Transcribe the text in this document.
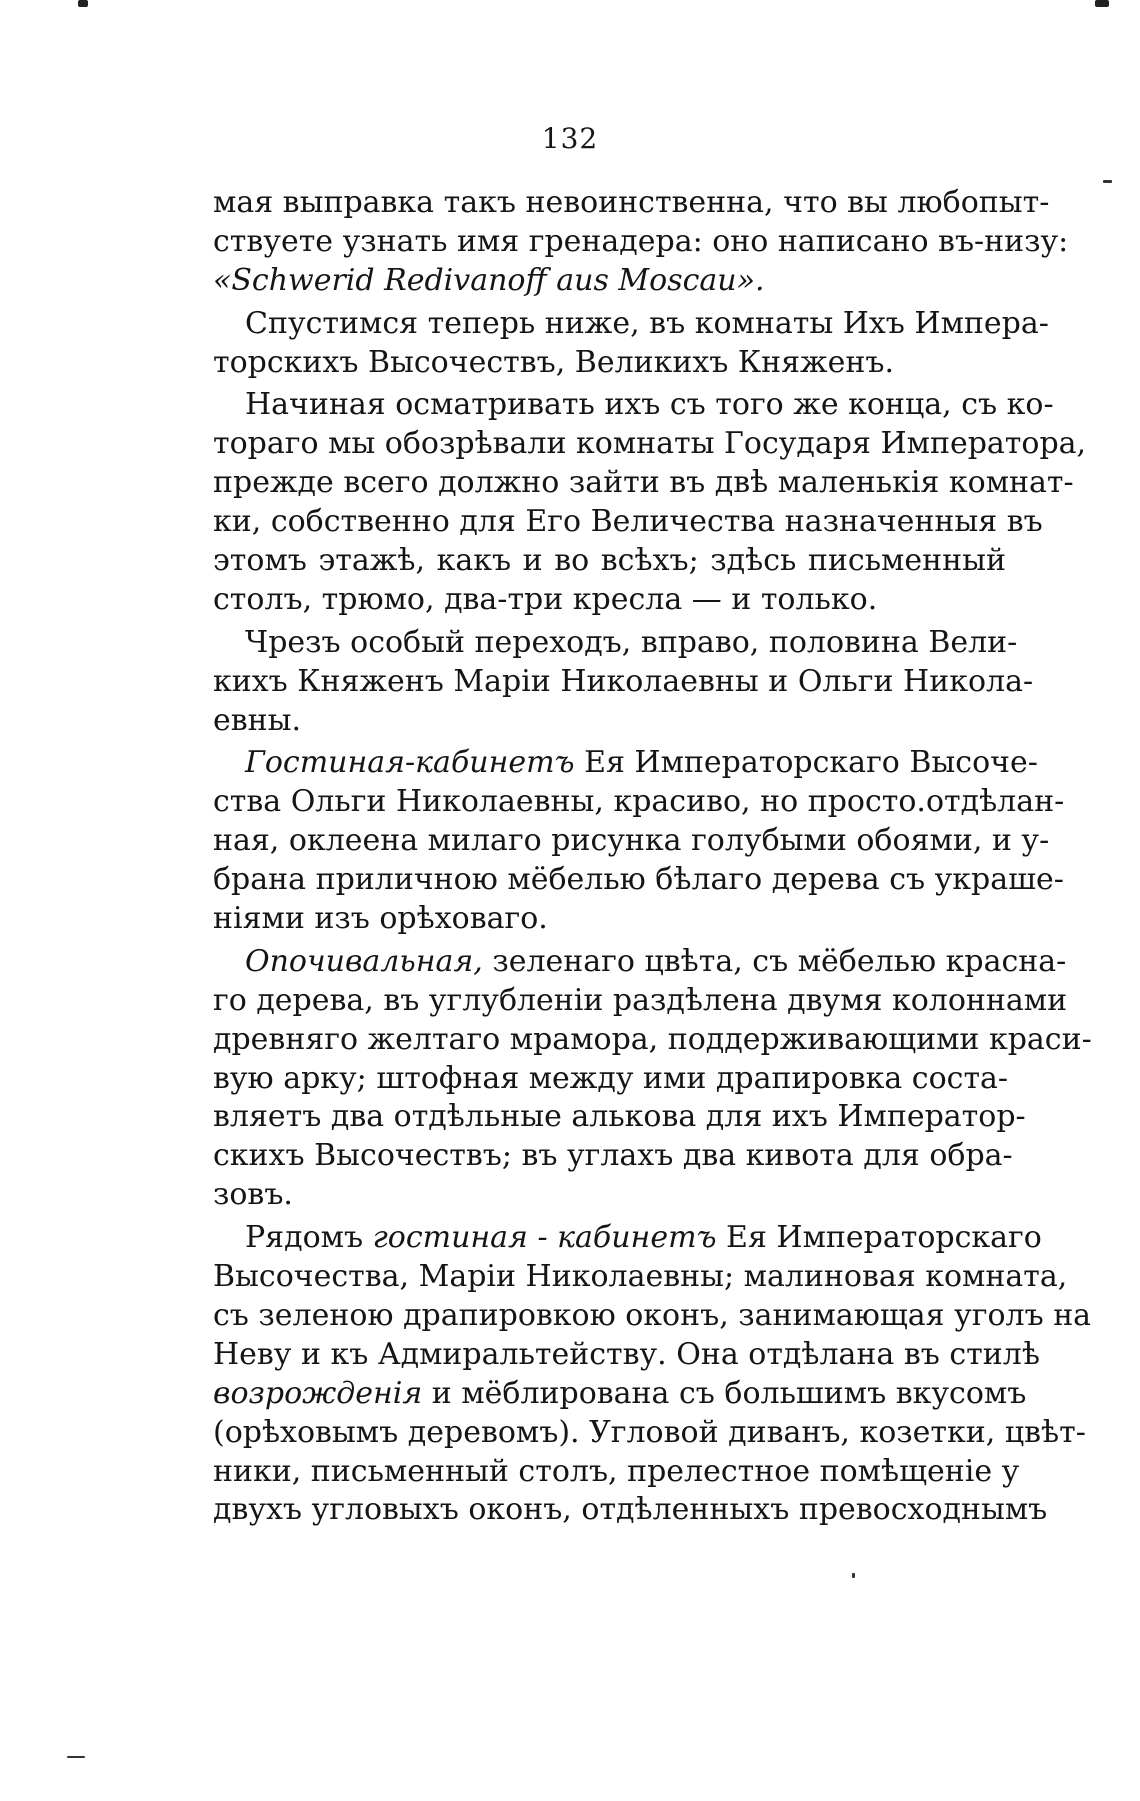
132
мая выправка такъ невоинственна, что вы любопыт-
ствуете узнать имя гренадера: оно написано въ-низу:
«Schwerid Redivanoff aus Moscau».
Спустимся теперь ниже, въ комнаты Ихъ Импера-
торскихъ Высочествъ, Великихъ Княженъ.
Начиная осматривать ихъ съ того же конца, съ ко-
тораго мы обозрѣвали комнаты Государя Императора,
прежде всего должно зайти въ двѣ маленькія комнат-
ки, собственно для Его Величества назначенныя въ
этомъ этажѣ, какъ и во всѣхъ; здѣсь письменный
столъ, трюмо, два-три кресла — и только.
Чрезъ особый переходъ, вправо, половина Вели-
кихъ Княженъ Маріи Николаевны и Ольги Николa-
евны.
Гостиная-кабинетъ Ея Императорскаго Высоче-
ства Ольги Николаевны, красиво, но просто.отдѣлан-
ная, оклеена милаго рисунка голубыми обоями, и у-
брана приличною мёбелью бѣлаго дерева съ украше-
ніями изъ орѣховаго.
Опочивальная, зеленаго цвѣта, съ мёбелью красна-
го дерева, въ углубленіи раздѣлена двумя колоннами
древняго желтаго мрамора, поддерживающими краси-
вую арку; штофная между ими драпировка соста-
вляетъ два отдѣльные алькова для ихъ Император-
скихъ Высочествъ; въ углахъ два кивота для обра-
зовъ.
Рядомъ гостиная - кабинетъ Ея Императорскаго
Высочества, Маріи Николаевны; малиновая комната,
съ зеленою драпировкою оконъ, занимающая уголъ на
Неву и къ Адмиральтейству. Она отдѣлана въ стилѣ
возрожденія и мёблирована съ большимъ вкусомъ
(орѣховымъ деревомъ). Угловой диванъ, козетки, цвѣт-
ники, письменный столъ, прелестное помѣщеніе у
двухъ угловыхъ оконъ, отдѣленныхъ превосходнымъ
